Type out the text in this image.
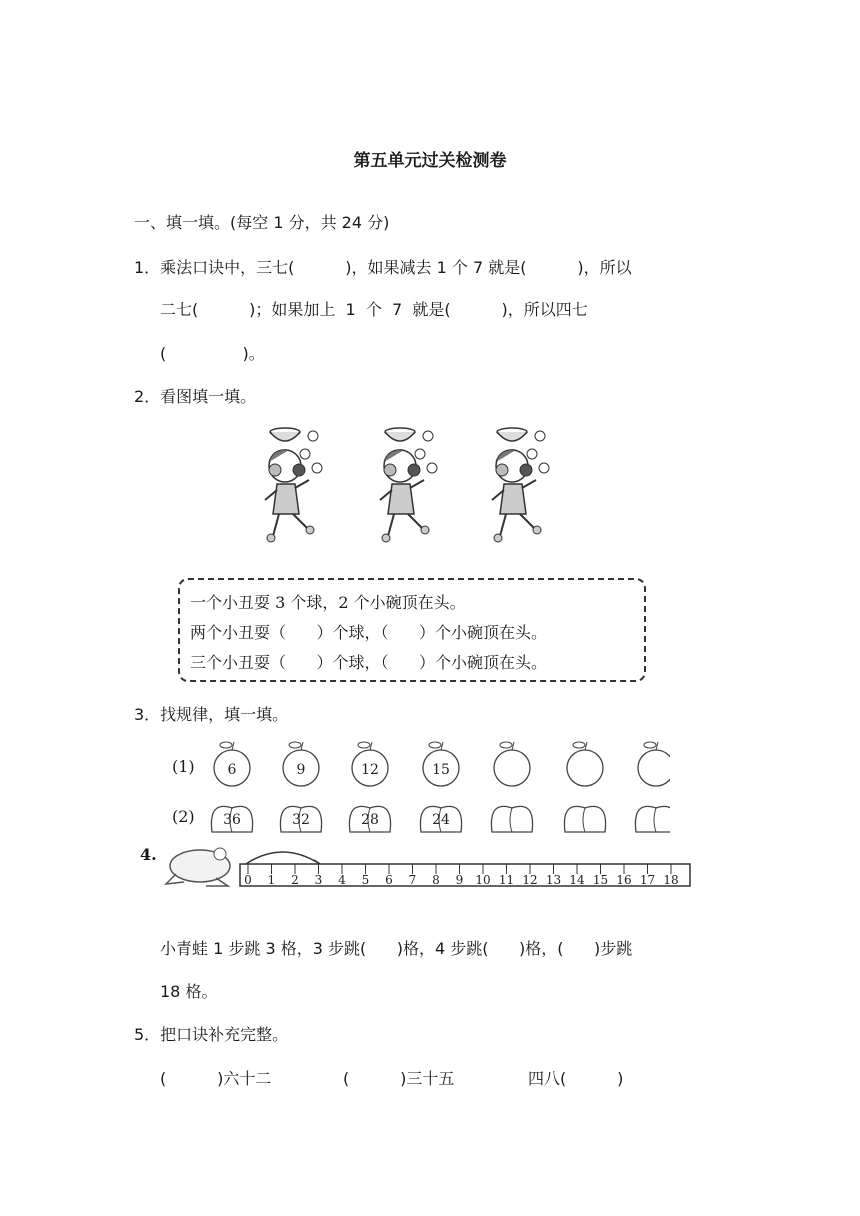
第五单元过关检测卷
一、填一填。(每空 1 分，共 24 分)
1．乘法口诀中，三七(          )，如果减去 1 个 7 就是(          )，所以
二七(          )；如果加上  1  个  7  就是(          )，所以四七
(               )。
2．看图填一填。
一个小丑耍 3 个球，2 个小碗顶在头。
两个小丑耍（      ）个球，（      ）个小碗顶在头。
三个小丑耍（      ）个球，（      ）个小碗顶在头。
3．找规律，填一填。
(1)
(2)
6	9	12	15
36	32	28	24
4.
0 1 2 3 4 5 6 7 8 9 10 11 12 13 14 15 16 17 18
小青蛙 1 步跳 3 格，3 步跳(      )格，4 步跳(      )格，(      )步跳
18 格。
5．把口诀补充完整。
(          )六十二	(          )三十五	四八(          )
